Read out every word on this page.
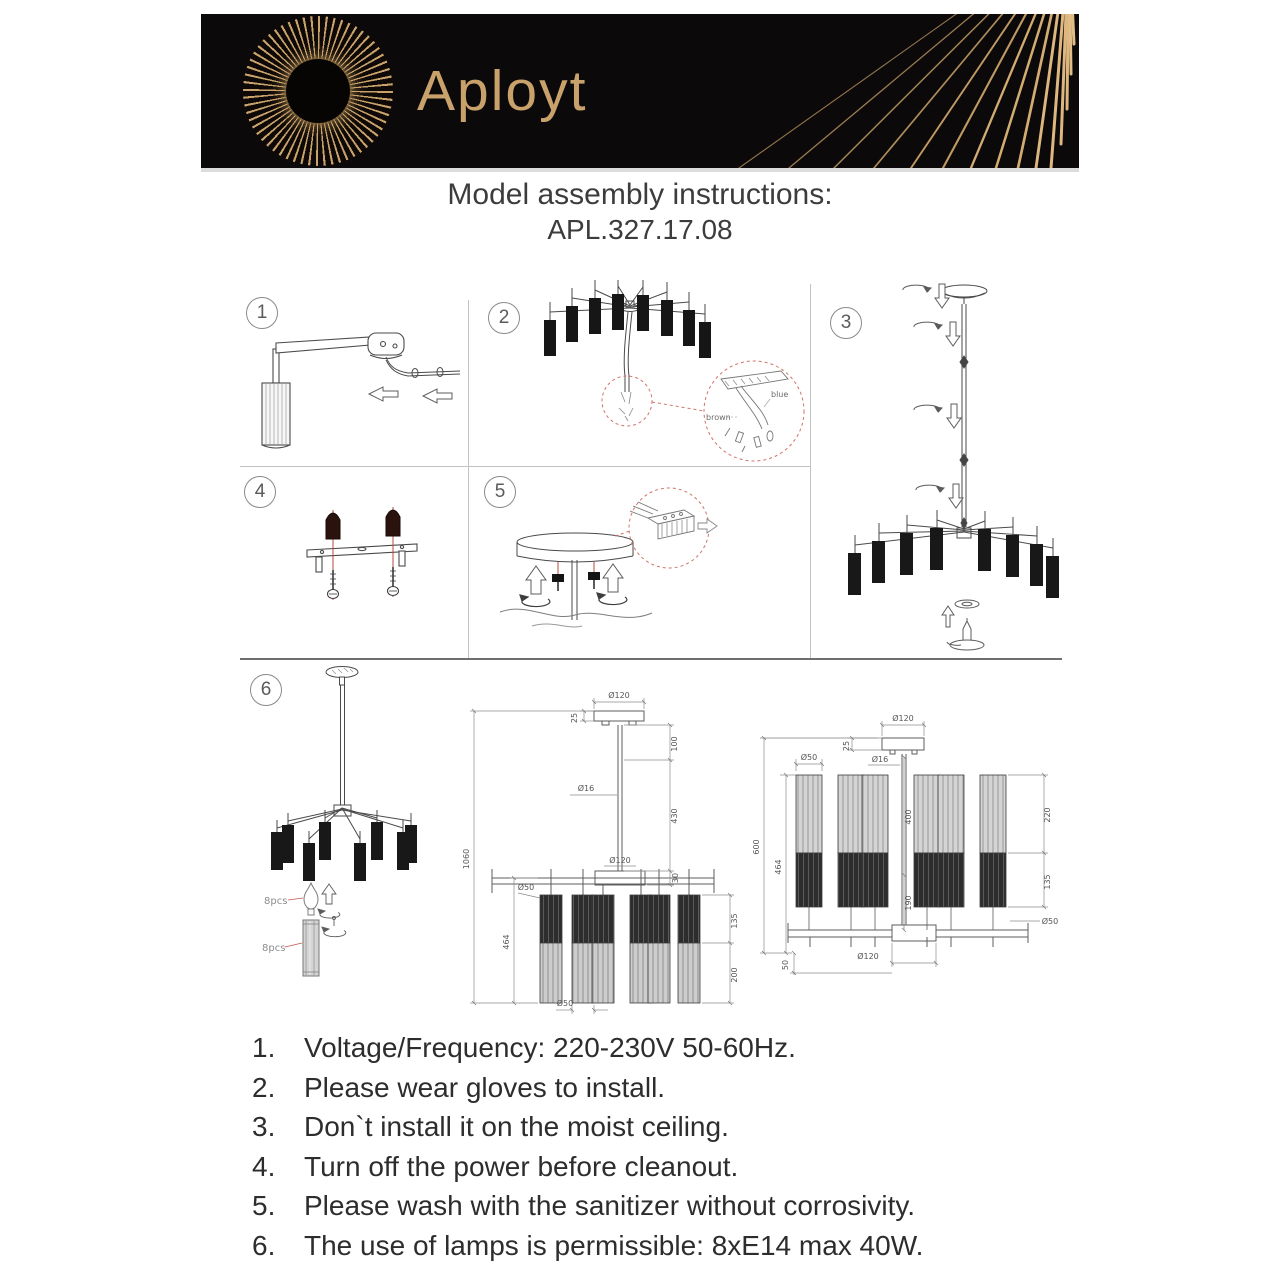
Aployt
Model assembly instructions:
APL.327.17.08
1	2	3
4	5
6
blue
brown
8pcs
8pcs
Ø120
25
100
430
30
Ø16
Ø120
1060
464
Ø50
135
200
Ø50
25
Ø120
Ø50	Ø16
400
190
600
464
220
135
Ø50
50
Ø120
1.	Voltage/Frequency: 220-230V 50-60Hz.
2.	Please wear gloves to install.
3.	Don`t install it on the moist ceiling.
4.	Turn off the power before cleanout.
5.	Please wash with the sanitizer without corrosivity.
6.	The use of lamps is permissible: 8xE14 max 40W.
